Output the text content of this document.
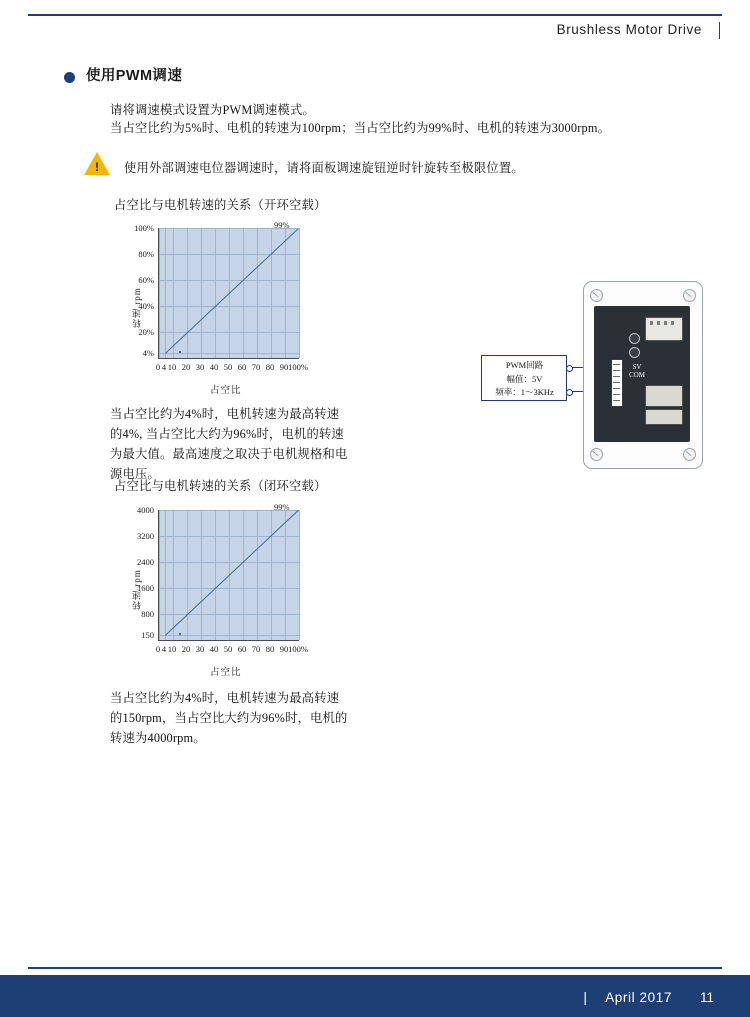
Brushless Motor Drive
使用PWM调速
请将调速模式设置为PWM调速模式。
当占空比约为5%时、电机的转速为100rpm；当占空比约为99%时、电机的转速为3000rpm。
!	使用外部调速电位器调速时，请将面板调速旋钮逆时针旋转至极限位置。
占空比与电机转速的关系（开环空载）
转速 rpm
占空比
99%
4%
20%
40%
60%
80%
100%
0 4 10 20 30 40 50 60 70 80 90 100%
当占空比约为4%时，电机转速为最高转速的4%, 当占空比大约为96%时，电机的转速为最大值。最高速度之取决于电机规格和电源电压。
占空比与电机转速的关系（闭环空载）
转速 rpm
占空比
99%
150
800
1600
2400
3200
4000
0 4 10 20 30 40 50 60 70 80 90 100%
当占空比约为4%时，电机转速为最高转速的150rpm，当占空比大约为96%时，电机的转速为4000rpm。
PWM回路
幅值：5V
频率：1～3KHz
SV
COM
| April 2017 11
